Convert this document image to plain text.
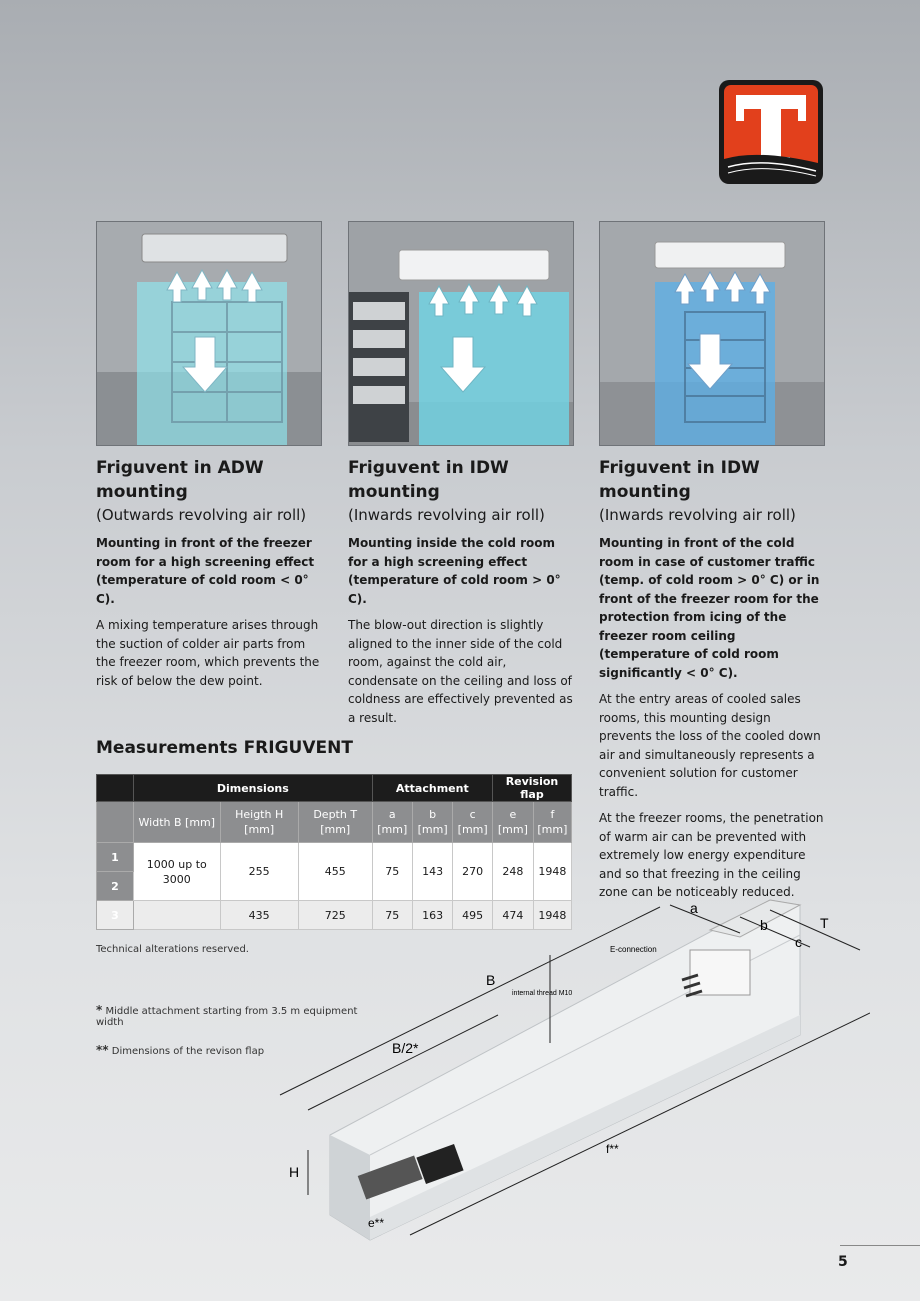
Friguvent in ADW mounting

(Outwards revolving air roll)

Mounting in front of the freezer room for a high screening effect (temperature of cold room < 0° C).

A mixing temperature arises through the suction of colder air parts from the freezer room, which prevents the risk of below the dew point.

Friguvent in IDW mounting

(Inwards revolving air roll)

Mounting inside the cold room for a high screening effect (temperature of cold room > 0° C).

The blow-out direction is slightly aligned to the inner side of the cold room, against the cold air, condensate on the ceiling and loss of coldness are effectively prevented as a result.

Friguvent in IDW mounting

(Inwards revolving air roll)

Mounting in front of the cold room in case of customer traffic (temp. of cold room > 0° C) or in front of the freezer room for the protection from icing of the freezer room ceiling (temperature of cold room significantly < 0° C).

At the entry areas of cooled sales rooms, this mounting design prevents the loss of the cooled down air and simultaneously represents a convenient solution for customer traffic.

At the freezer rooms, the penetration of warm air can be prevented with extremely low energy expenditure and so that freezing in the ceiling zone can be noticeably reduced.

Measurements FRIGUVENT
	Dimensions			Attachment			Revision flap	
	Width B [mm]	Heigth H [mm]	Depth T [mm]	a [mm]	b [mm]	c [mm]	e [mm]	f [mm]
1	1000 up to 3000	255	455	75	143	270	248	1948
2								
3		435	725	75	163	495	474	1948
Technical alterations reserved.
* Middle attachment starting from 3.5 m equipment width
** Dimensions of the revison flap
a
b	T
c
B
B/2*
H
f**
e**
E-connection
internal thread M10
5
